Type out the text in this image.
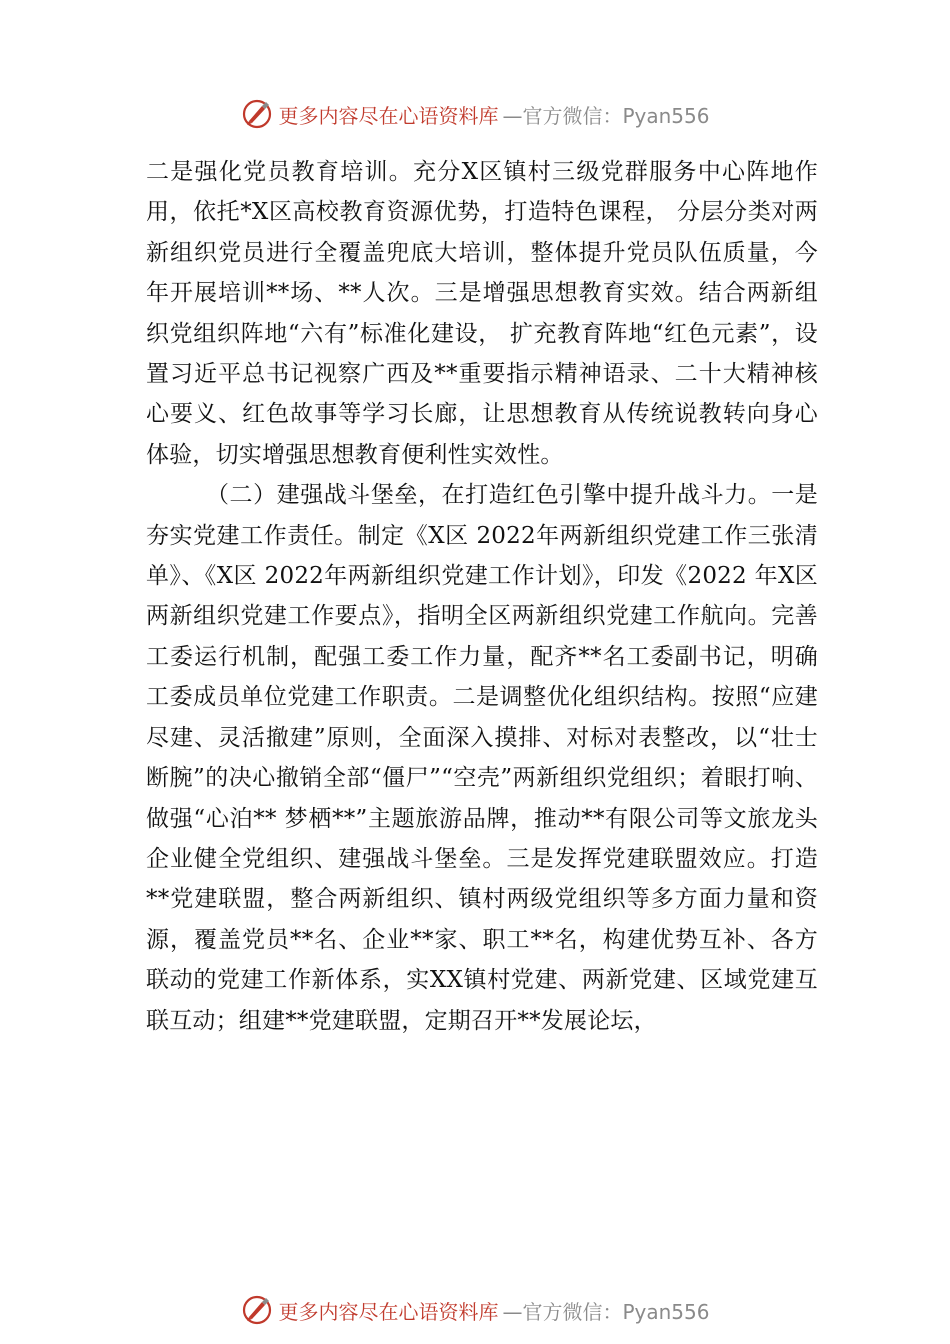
更多内容尽在心语资料库 —官方微信：Pyan556

二是强化党员教育培训。充分X区镇村三级党群服务中心阵地作用，依托*X区高校教育资源优势，打造特色课程， 分层分类对两新组织党员进行全覆盖兜底大培训，整体提升党员队伍质量，今年开展培训**场、**人次。三是增强思想教育实效。结合两新组织党组织阵地“六有”标准化建设， 扩充教育阵地“红色元素”，设置习近平总书记视察广西及**重要指示精神语录、二十大精神核心要义、红色故事等学习长廊，让思想教育从传统说教转向身心体验，切实增强思想教育便利性实效性。

（二）建强战斗堡垒，在打造红色引擎中提升战斗力。一是夯实党建工作责任。制定《X区 2022年两新组织党建工作三张清单》、《X区 2022年两新组织党建工作计划》，印发《2022 年X区两新组织党建工作要点》，指明全区两新组织党建工作航向。完善工委运行机制，配强工委工作力量，配齐**名工委副书记，明确工委成员单位党建工作职责。二是调整优化组织结构。按照“应建尽建、灵活撤建”原则，全面深入摸排、对标对表整改，以“壮士断腕”的决心撤销全部“僵尸”“空壳”两新组织党组织；着眼打响、做强“心泊** 梦栖**”主题旅游品牌，推动**有限公司等文旅龙头企业健全党组织、建强战斗堡垒。三是发挥党建联盟效应。打造**党建联盟，整合两新组织、镇村两级党组织等多方面力量和资源，覆盖党员**名、企业**家、职工**名，构建优势互补、各方联动的党建工作新体系，实XX镇村党建、两新党建、区域党建互联互动；组建**党建联盟，定期召开**发展论坛，

更多内容尽在心语资料库 —官方微信：Pyan556
